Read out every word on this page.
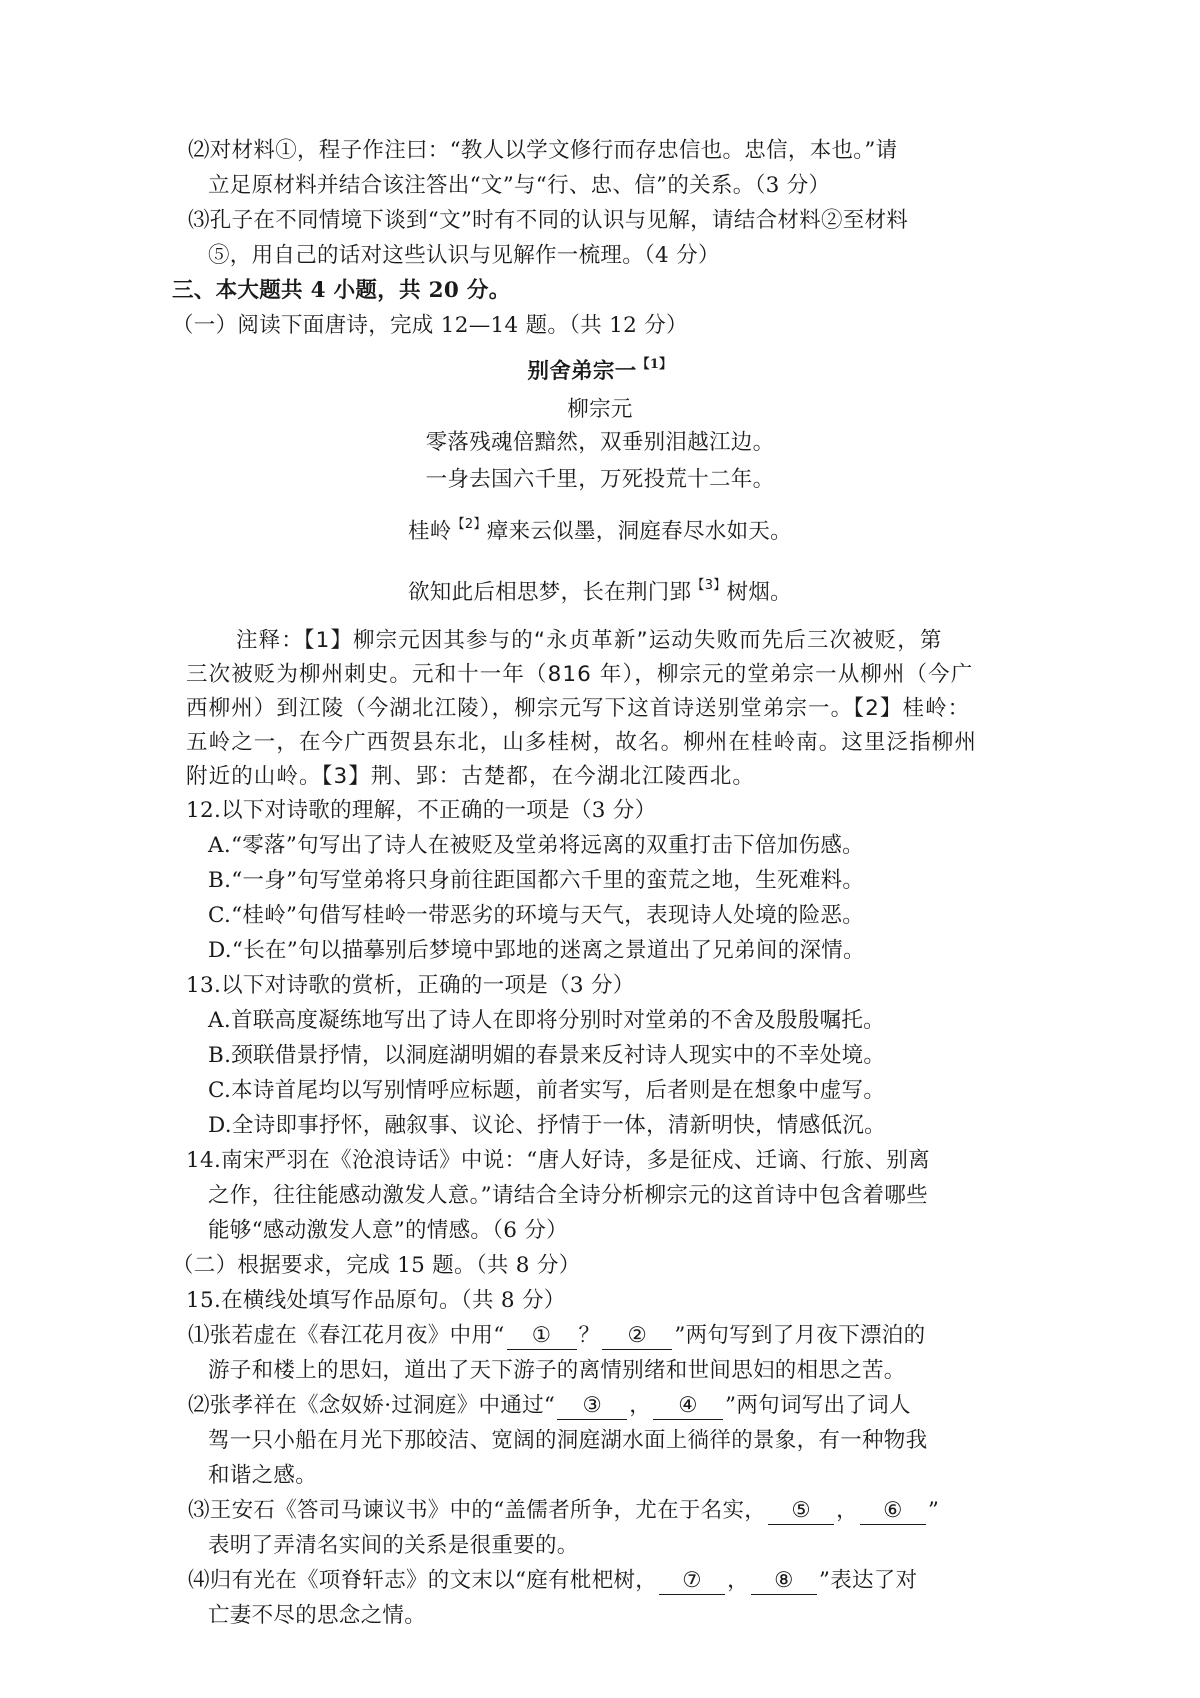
⑵对材料①，程子作注曰：“教人以学文修行而存忠信也。忠信，本也。”请
立足原材料并结合该注答出“文”与“行、忠、信”的关系。（3 分）
⑶孔子在不同情境下谈到“文”时有不同的认识与见解，请结合材料②至材料
⑤，用自己的话对这些认识与见解作一梳理。（4 分）
三、本大题共 4 小题，共 20 分。
（一）阅读下面唐诗，完成 12—14 题。（共 12 分）
别舍弟宗一$^{【1】}$
柳宗元
零落残魂倍黯然，双垂别泪越江边。
一身去国六千里，万死投荒十二年。
桂岭$^{【2】}$瘴来云似墨，洞庭春尽水如天。
欲知此后相思梦，长在荆门郢$^{【3】}$树烟。
注释：【1】柳宗元因其参与的“永贞革新”运动失败而先后三次被贬，第
三次被贬为柳州刺史。元和十一年（816 年），柳宗元的堂弟宗一从柳州（今广
西柳州）到江陵（今湖北江陵），柳宗元写下这首诗送别堂弟宗一。【2】桂岭：
五岭之一，在今广西贺县东北，山多桂树，故名。柳州在桂岭南。这里泛指柳州
附近的山岭。【3】荆、郢：古楚都，在今湖北江陵西北。
12.以下对诗歌的理解，不正确的一项是（3 分）
A.“零落”句写出了诗人在被贬及堂弟将远离的双重打击下倍加伤感。
B.“一身”句写堂弟将只身前往距国都六千里的蛮荒之地，生死难料。
C.“桂岭”句借写桂岭一带恶劣的环境与天气，表现诗人处境的险恶。
D.“长在”句以描摹别后梦境中郢地的迷离之景道出了兄弟间的深情。
13.以下对诗歌的赏析，正确的一项是（3 分）
A.首联高度凝练地写出了诗人在即将分别时对堂弟的不舍及殷殷嘱托。
B.颈联借景抒情，以洞庭湖明媚的春景来反衬诗人现实中的不幸处境。
C.本诗首尾均以写别情呼应标题，前者实写，后者则是在想象中虚写。
D.全诗即事抒怀，融叙事、议论、抒情于一体，清新明快，情感低沉。
14.南宋严羽在《沧浪诗话》中说：“唐人好诗，多是征戍、迁谪、行旅、别离
之作，往往能感动激发人意。”请结合全诗分析柳宗元的这首诗中包含着哪些
能够“感动激发人意”的情感。（6 分）
（二）根据要求，完成 15 题。（共 8 分）
15.在横线处填写作品原句。（共 8 分）
⑴张若虚在《春江花月夜》中用“ ① ？ ② ”两句写到了月夜下漂泊的
游子和楼上的思妇，道出了天下游子的离情别绪和世间思妇的相思之苦。
⑵张孝祥在《念奴娇·过洞庭》中通过“ ③ ， ④ ”两句词写出了词人
驾一只小船在月光下那皎洁、宽阔的洞庭湖水面上徜徉的景象，有一种物我
和谐之感。
⑶王安石《答司马谏议书》中的“盖儒者所争，尤在于名实， ⑤ ， ⑥ ”
表明了弄清名实间的关系是很重要的。
⑷归有光在《项脊轩志》的文末以“庭有枇杷树， ⑦ ， ⑧ ”表达了对
亡妻不尽的思念之情。
